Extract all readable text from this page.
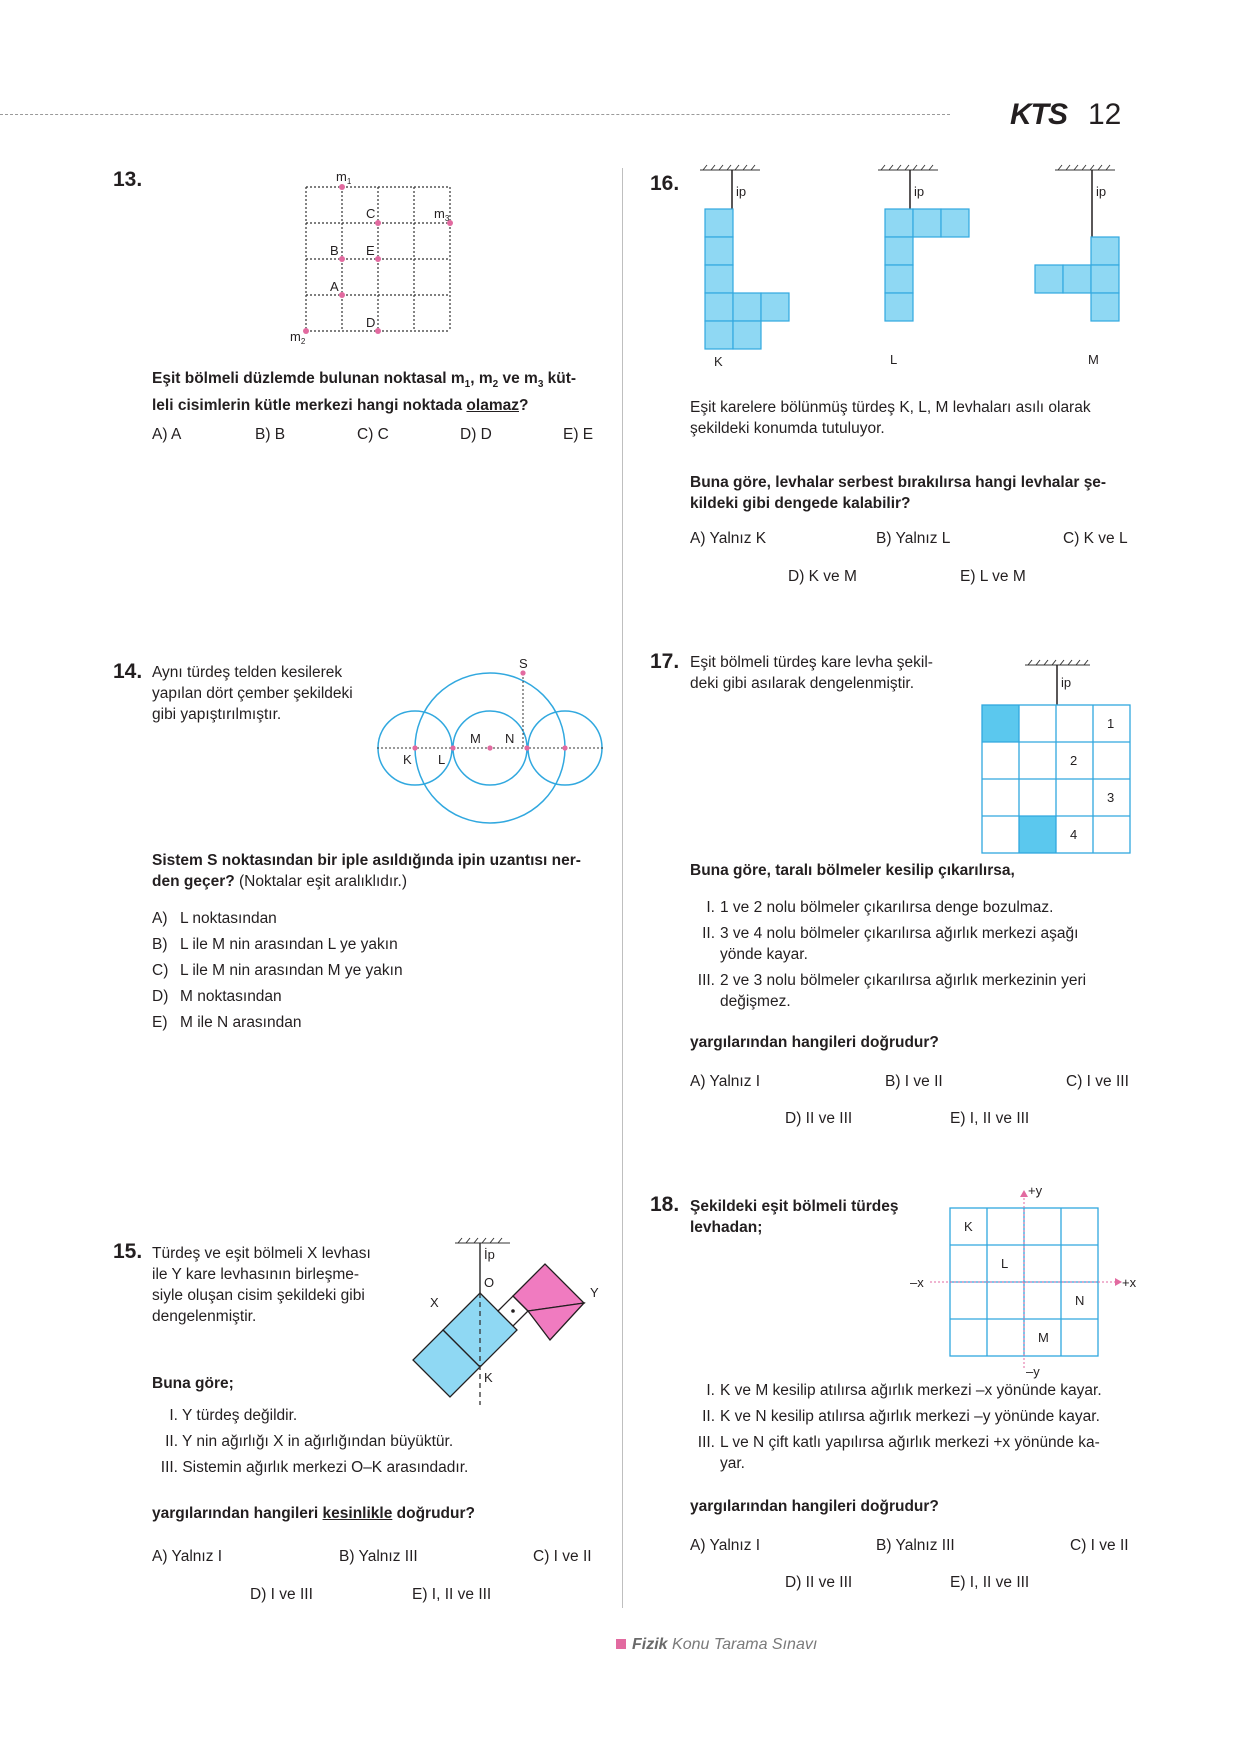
KTS 12
13.	$m_1$
$m_3$
$m_2$
C
B E
A
D
Eşit bölmeli düzlemde bulunan noktasal $m_1$, $m_2$ ve $m_3$ küt-
leli cisimlerin kütle merkezi hangi noktada olamaz?
A) A	B) B	C) C	D) D	E) E
14. Aynı türdeş telden kesilerek
yapılan dört çember şekildeki
gibi yapıştırılmıştır.
S
K L
M N
Sistem S noktasından bir iple asıldığında ipin uzantısı ner-
den geçer? (Noktalar eşit aralıklıdır.)
A) L noktasından
B) L ile M nin arasından L ye yakın
C) L ile M nin arasından M ye yakın
D) M noktasından
E) M ile N arasından
15. Türdeş ve eşit bölmeli X levhası
ile Y kare levhasının birleşme-
siyle oluşan cisim şekildeki gibi
dengelenmiştir.
İp
O
X
Y
K
Buna göre;
I. Y türdeş değildir.
II. Y nin ağırlığı X in ağırlığından büyüktür.
III. Sistemin ağırlık merkezi O–K arasındadır.
yargılarından hangileri kesinlikle doğrudur?
A) Yalnız I	B) Yalnız III	C) I ve II
D) I ve III	E) I, II ve III
16.	ip	ip	ip
K	L	M
Eşit karelere bölünmüş türdeş K, L, M levhaları asılı olarak
şekildeki konumda tutuluyor.
Buna göre, levhalar serbest bırakılırsa hangi levhalar şe-
kildeki gibi dengede kalabilir?
A) Yalnız K	B) Yalnız L	C) K ve L
D) K ve M	E) L ve M
17. Eşit bölmeli türdeş kare levha şekil-
deki gibi asılarak dengelenmiştir.	ip
1
2
3
4
Buna göre, taralı bölmeler kesilip çıkarılırsa,
I. 1 ve 2 nolu bölmeler çıkarılırsa denge bozulmaz.
II. 3 ve 4 nolu bölmeler çıkarılırsa ağırlık merkezi aşağı
yönde kayar.
III. 2 ve 3 nolu bölmeler çıkarılırsa ağırlık merkezinin yeri
değişmez.
yargılarından hangileri doğrudur?
A) Yalnız I	B) I ve II	C) I ve III
D) II ve III	E) I, II ve III
18. Şekildeki eşit bölmeli türdeş
levhadan;
+y
–y
+x
–x
K
L
N
M
I. K ve M kesilip atılırsa ağırlık merkezi –x yönünde kayar.
II. K ve N kesilip atılırsa ağırlık merkezi –y yönünde kayar.
III. L ve N çift katlı yapılırsa ağırlık merkezi +x yönünde ka-
yar.
yargılarından hangileri doğrudur?
A) Yalnız I	B) Yalnız III	C) I ve II
D) II ve III	E) I, II ve III
Fizik Konu Tarama Sınavı
